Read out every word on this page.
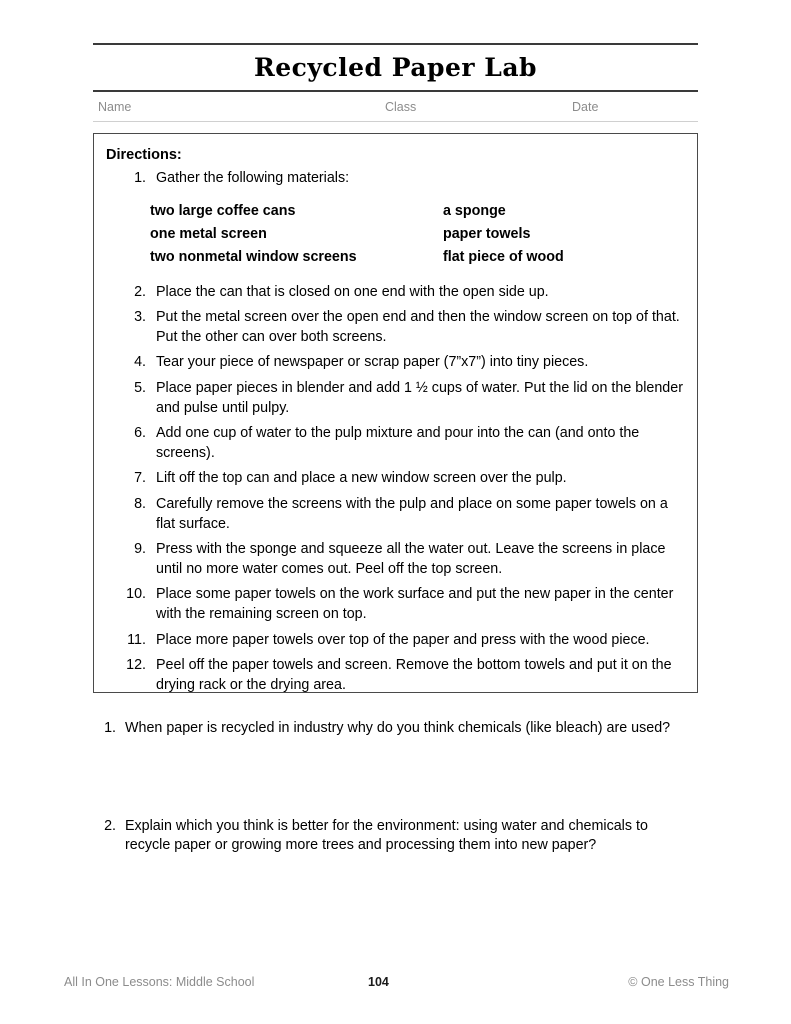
Recycled Paper Lab
Name	Class	Date
Directions:
1. Gather the following materials:
two large coffee cans	a sponge
one metal screen	paper towels
two nonmetal window screens	flat piece of wood
2. Place the can that is closed on one end with the open side up.
3. Put the metal screen over the open end and then the window screen on top of that. Put the other can over both screens.
4. Tear your piece of newspaper or scrap paper (7”x7”) into tiny pieces.
5. Place paper pieces in blender and add 1 ½ cups of water. Put the lid on the blender and pulse until pulpy.
6. Add one cup of water to the pulp mixture and pour into the can (and onto the screens).
7. Lift off the top can and place a new window screen over the pulp.
8. Carefully remove the screens with the pulp and place on some paper towels on a flat surface.
9. Press with the sponge and squeeze all the water out. Leave the screens in place until no more water comes out. Peel off the top screen.
10. Place some paper towels on the work surface and put the new paper in the center with the remaining screen on top.
11. Place more paper towels over top of the paper and press with the wood piece.
12. Peel off the paper towels and screen. Remove the bottom towels and put it on the drying rack or the drying area.
1. When paper is recycled in industry why do you think chemicals (like bleach) are used?
2. Explain which you think is better for the environment: using water and chemicals to recycle paper or growing more trees and processing them into new paper?
All In One Lessons: Middle School	104	© One Less Thing
